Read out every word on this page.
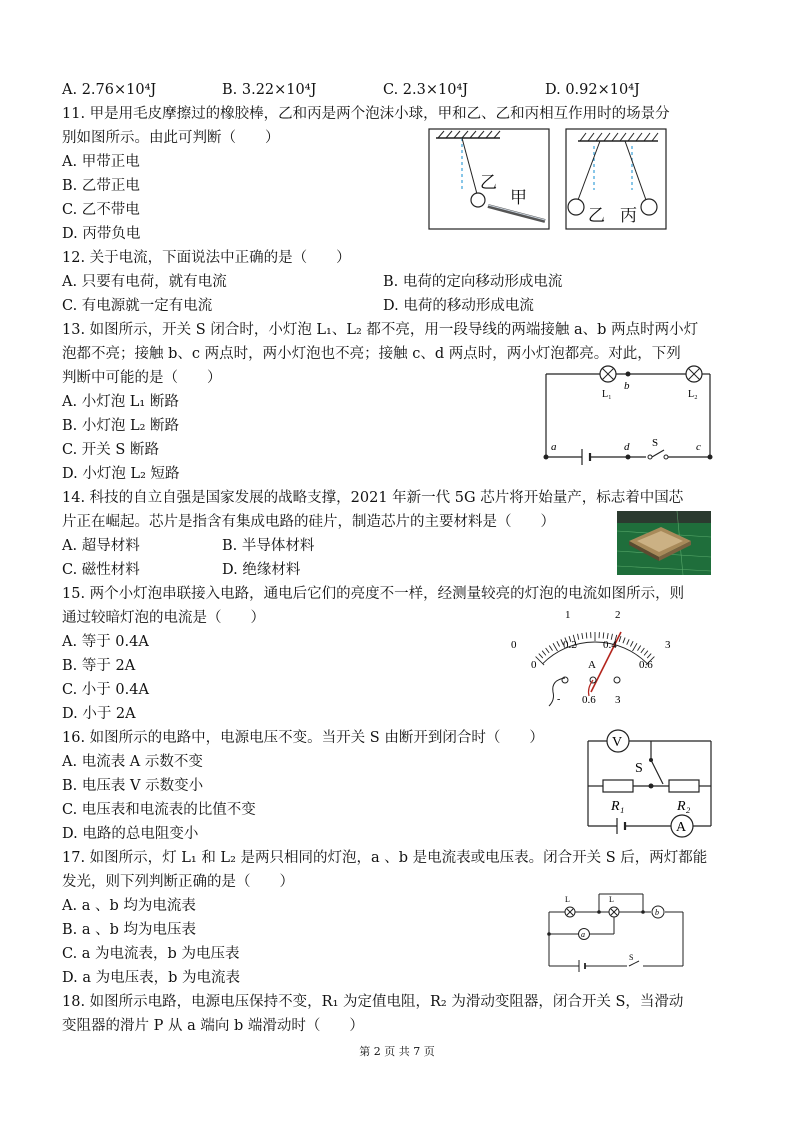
A. 2.76×10⁴J	B. 3.22×10⁴J	C. 2.3×10⁴J	D. 0.92×10⁴J
11. 甲是用毛皮摩擦过的橡胶棒，乙和丙是两个泡沫小球，甲和乙、乙和丙相互作用时的场景分
别如图所示。由此可判断（　　）
A. 甲带正电
B. 乙带正电
C. 乙不带电
D. 丙带负电
乙
甲
乙 丙
12. 关于电流，下面说法中正确的是（　　）
A. 只要有电荷，就有电流	B. 电荷的定向移动形成电流
C. 有电源就一定有电流	D. 电荷的移动形成电流
13. 如图所示，开关 S 闭合时，小灯泡 L₁、L₂ 都不亮，用一段导线的两端接触 a、b 两点时两小灯
泡都不亮；接触 b、c 两点时，两小灯泡也不亮；接触 c、d 两点时，两小灯泡都亮。对此，下列
判断中可能的是（　　）
A. 小灯泡 L₁ 断路
B. 小灯泡 L₂ 断路
C. 开关 S 断路
D. 小灯泡 L₂ 短路
L₁	L₂
b
a	d S	c
14. 科技的自立自强是国家发展的战略支撑，2021 年新一代 5G 芯片将开始量产，标志着中国芯
片正在崛起。芯片是指含有集成电路的硅片，制造芯片的主要材料是（　　）
A. 超导材料	B. 半导体材料
C. 磁性材料	D. 绝缘材料
15. 两个小灯泡串联接入电路，通电后它们的亮度不一样，经测量较亮的灯泡的电流如图所示，则
通过较暗灯泡的电流是（　　）
A. 等于 0.4A
B. 等于 2A
C. 小于 0.4A
D. 小于 2A
0
1	2
3
0
0.2 0.4
0.6
A
- 0.6 3
16. 如图所示的电路中，电源电压不变。当开关 S 由断开到闭合时（　　）
A. 电流表 A 示数不变
B. 电压表 V 示数变小
C. 电压表和电流表的比值不变
D. 电路的总电阻变小
V
S
R₁	R₂
A
17. 如图所示，灯 L₁ 和 L₂ 是两只相同的灯泡，a 、b 是电流表或电压表。闭合开关 S 后，两灯都能
发光，则下列判断正确的是（　　）
A. a 、b 均为电流表
B. a 、b 均为电压表
C. a 为电流表，b 为电压表
D. a 为电压表，b 为电流表
b
a
L	L
S
18. 如图所示电路，电源电压保持不变，R₁ 为定值电阻，R₂ 为滑动变阻器，闭合开关 S，当滑动
变阻器的滑片 P 从 a 端向 b 端滑动时（　　）
第 2 页 共 7 页
